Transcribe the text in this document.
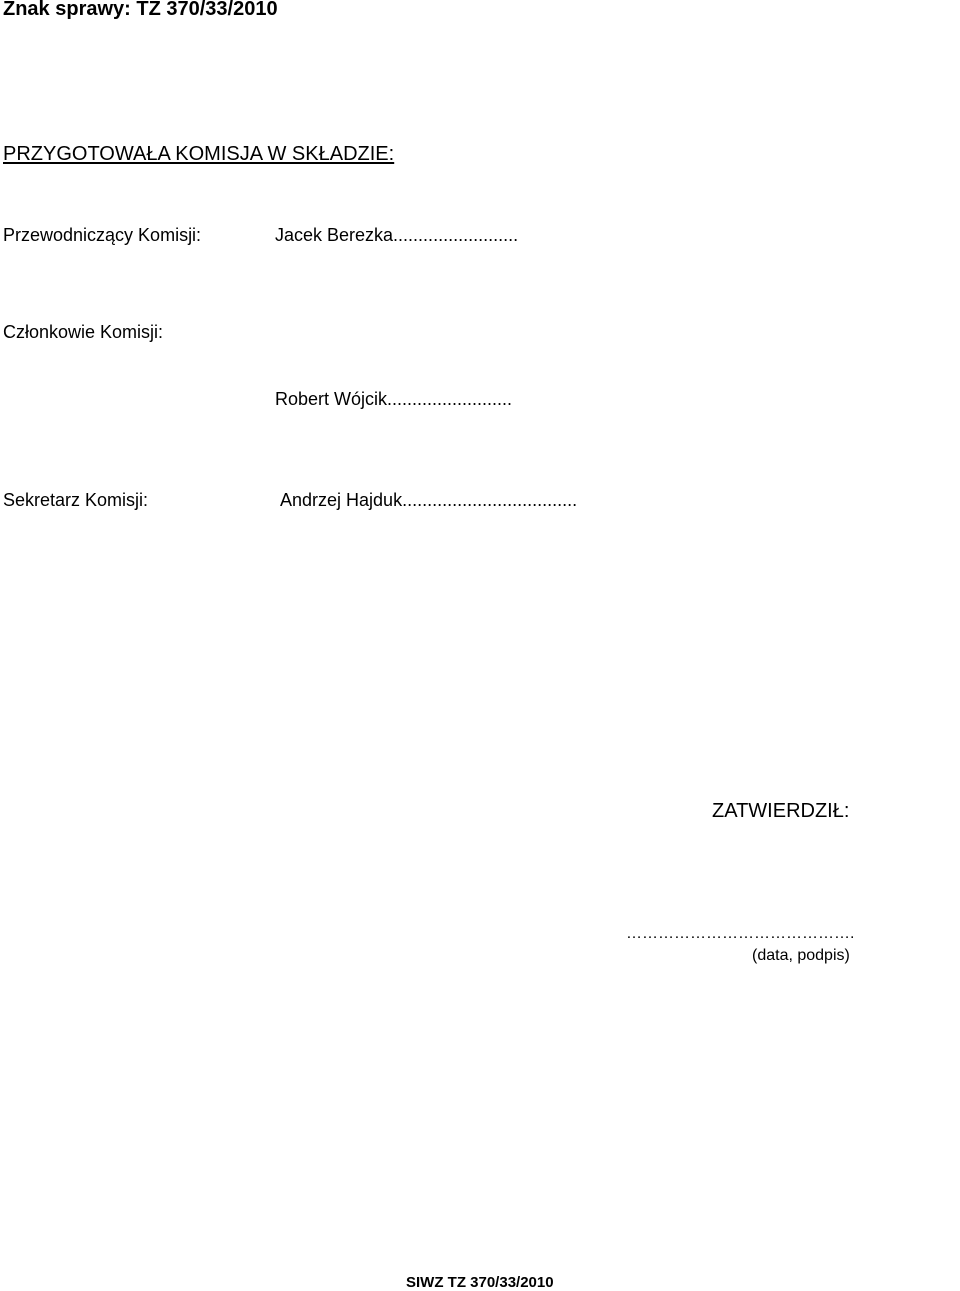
Znak sprawy: TZ 370/33/2010
PRZYGOTOWAŁA KOMISJA W SKŁADZIE:
Przewodniczący Komisji:	Jacek Berezka.........................
Członkowie Komisji:
Robert Wójcik.........................
Sekretarz Komisji:	Andrzej Hajduk...................................
ZATWIERDZIŁ:
…………………………………….
(data, podpis)
SIWZ TZ 370/33/2010
